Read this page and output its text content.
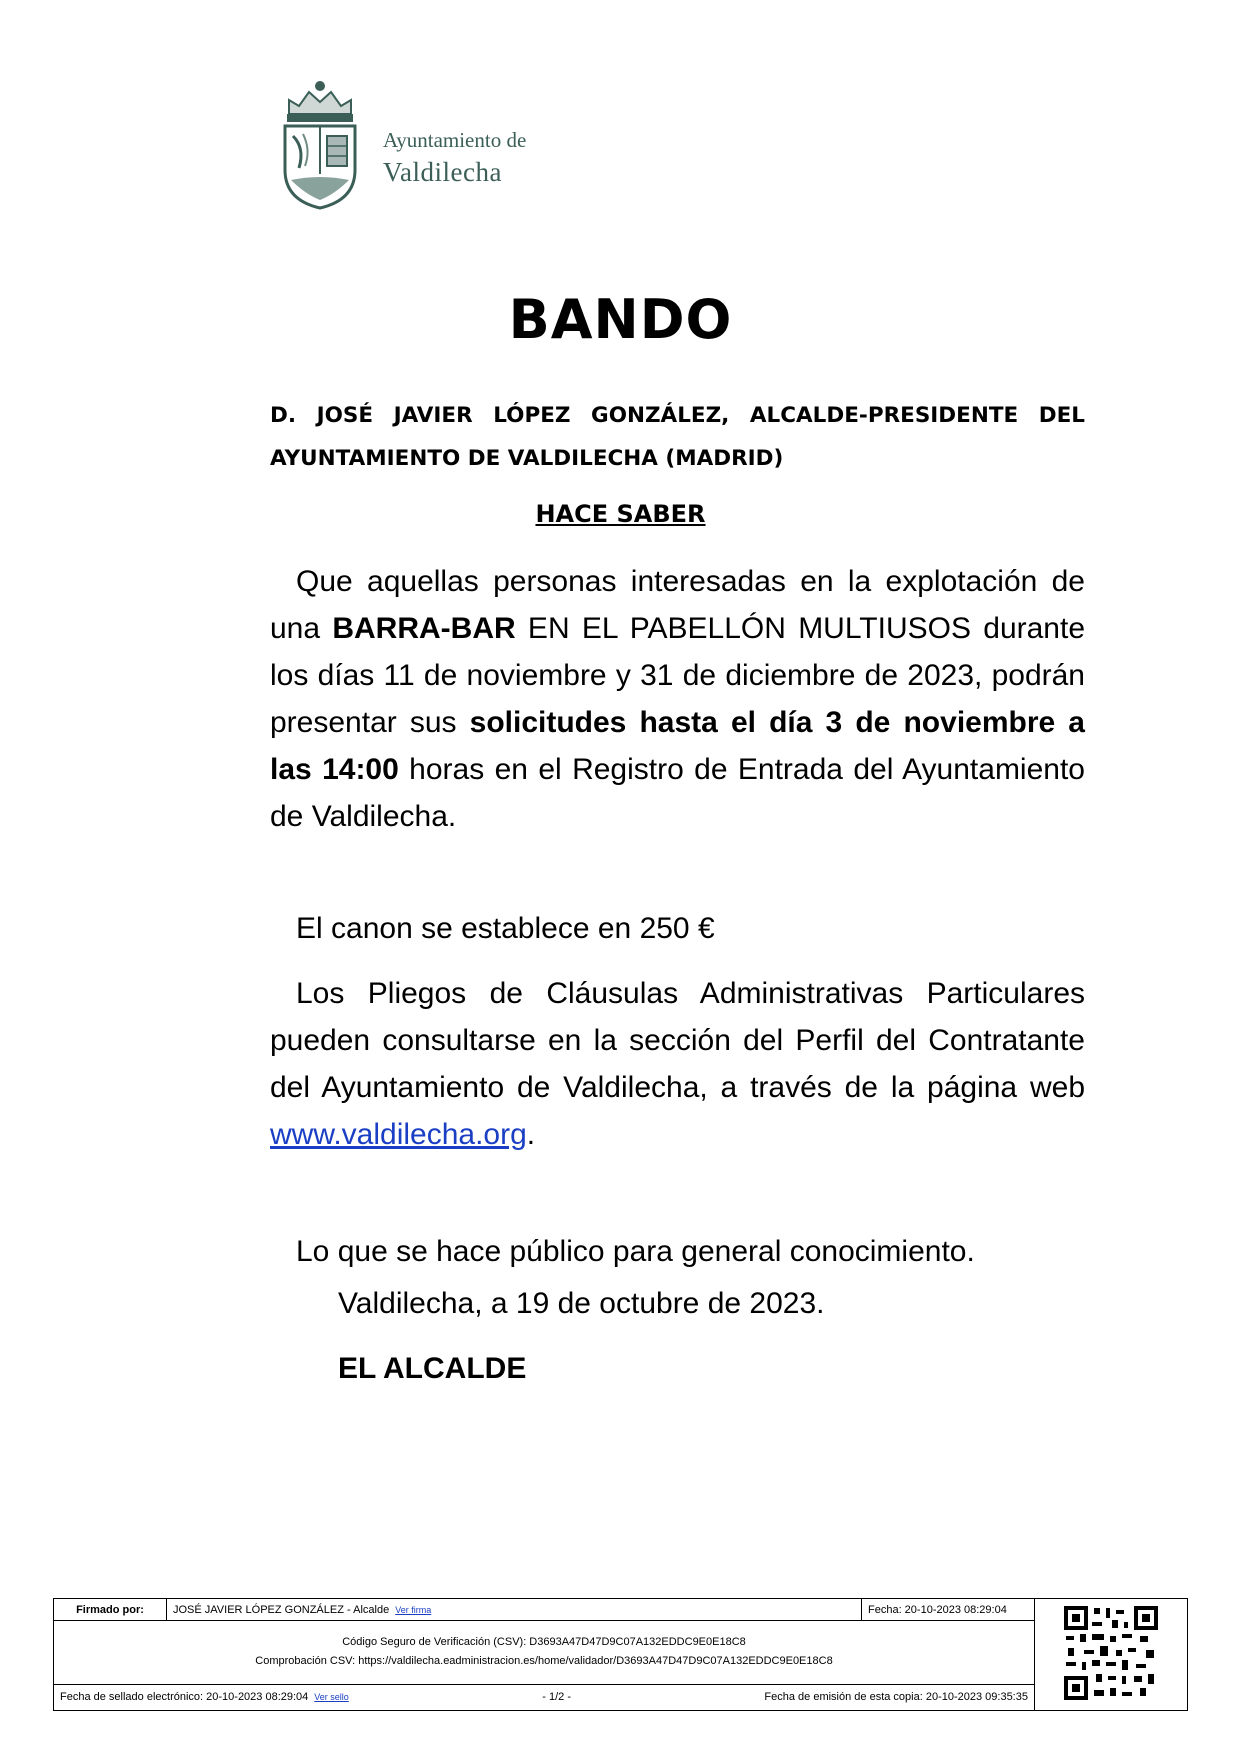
Ayuntamiento de
Valdilecha
BANDO
D. JOSÉ JAVIER LÓPEZ GONZÁLEZ, ALCALDE-PRESIDENTE DEL AYUNTAMIENTO DE VALDILECHA (MADRID)
HACE SABER
Que aquellas personas interesadas en la explotación de una BARRA-BAR EN EL PABELLÓN MULTIUSOS durante los días 11 de noviembre y 31 de diciembre de 2023, podrán presentar sus solicitudes hasta el día 3 de noviembre a las 14:00 horas en el Registro de Entrada del Ayuntamiento de Valdilecha.
El canon se establece en 250 €
Los Pliegos de Cláusulas Administrativas Particulares pueden consultarse en la sección del Perfil del Contratante del Ayuntamiento de Valdilecha, a través de la página web www.valdilecha.org.
Lo que se hace público para general conocimiento.
Valdilecha, a 19 de octubre de 2023.
EL ALCALDE
Firmado por:	JOSÉ JAVIER LÓPEZ GONZÁLEZ - Alcalde Ver firma	Fecha: 20-10-2023 08:29:04	

Código Seguro de Verificación (CSV): D3693A47D47D9C07A132EDDC9E0E18C8
Comprobación CSV: https://valdilecha.eadministracion.es/home/validador/D3693A47D47D9C07A132EDDC9E0E18C8

Fecha de sellado electrónico: 20-10-2023 08:29:04 Ver sello	- 1/2 -	Fecha de emisión de esta copia: 20-10-2023 09:35:35
